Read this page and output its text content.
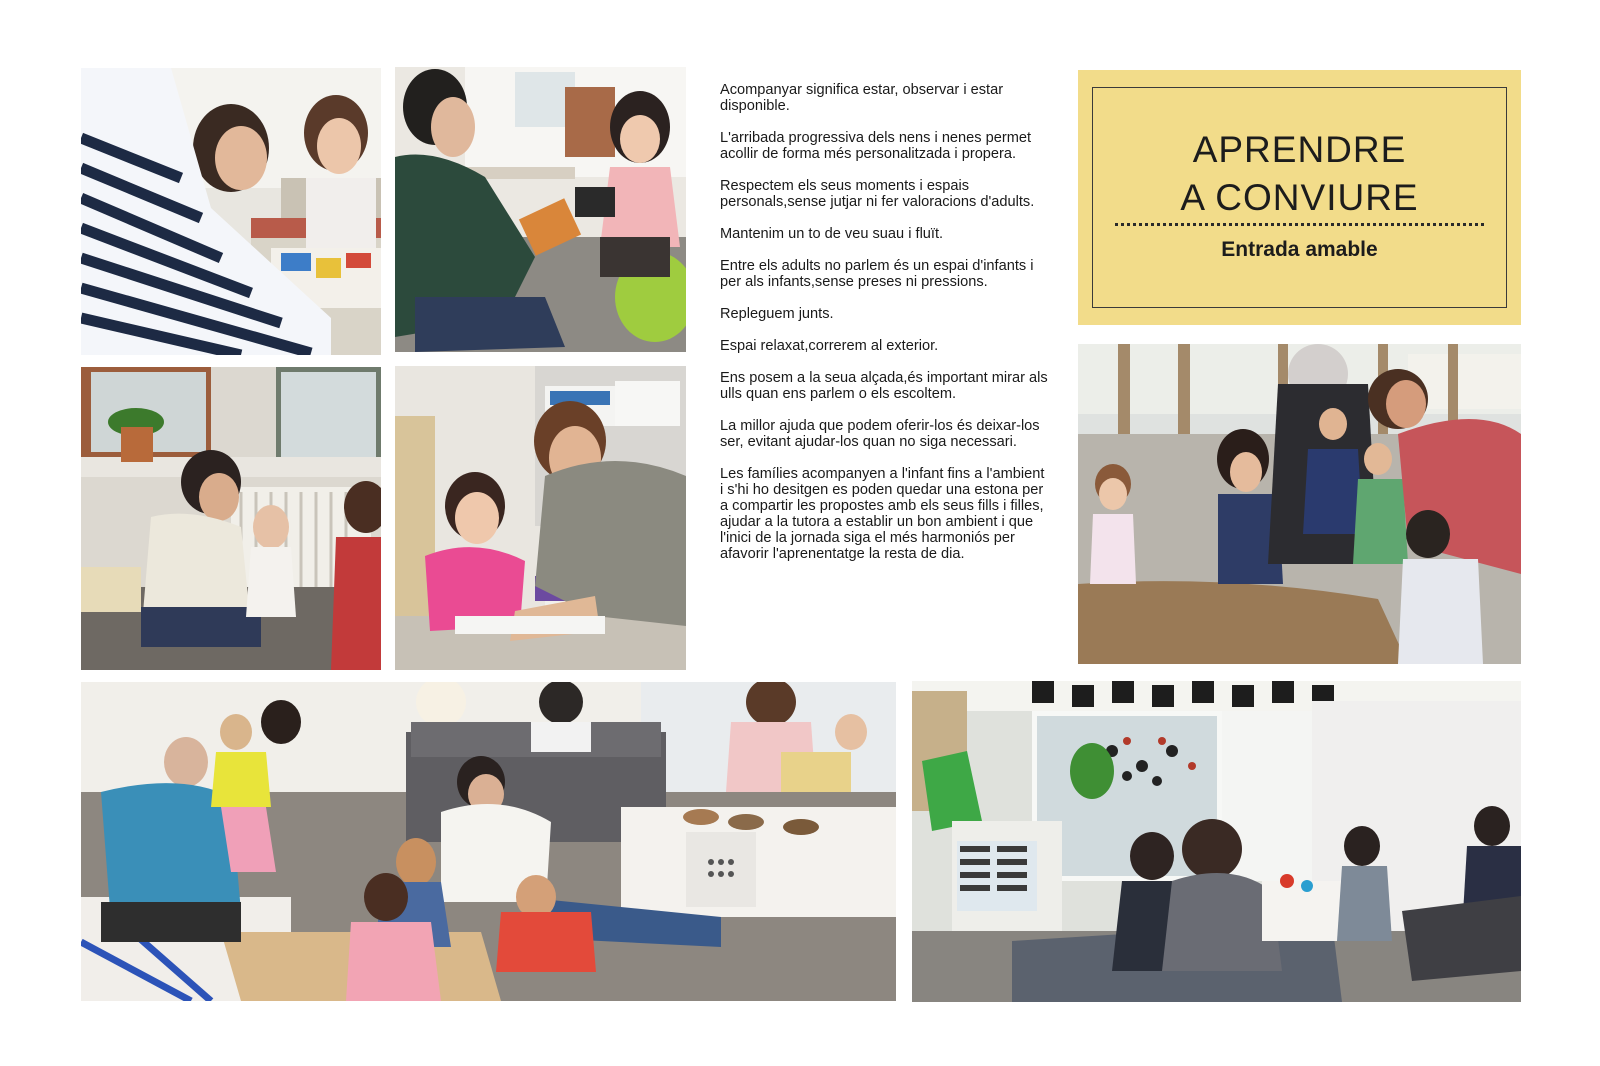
Acompanyar significa estar, observar i estar disponible.

L'arribada progressiva dels nens i nenes permet acollir de forma més personalitzada i propera.

Respectem els seus moments i espais personals,sense jutjar ni fer valoracions d'adults.

Mantenim un to de veu suau i fluït.

Entre els adults no parlem és un espai d'infants i per als infants,sense preses ni pressions.

Repleguem junts.

Espai relaxat,correrem al exterior.

Ens posem a la seua alçada,és important mirar als ulls quan ens parlem o els escoltem.

La millor ajuda que podem oferir-los és deixar-los ser, evitant ajudar-los quan no siga necessari.

Les famílies acompanyen a l'infant fins a l'ambient i s'hi ho desitgen es poden quedar una estona per a compartir les propostes amb els seus fills i filles, ajudar a la tutora a establir un bon ambient i que l'inici de la jornada siga el més harmoniós per afavorir l'aprenentatge la resta de dia.

APRENDRE
A CONVIURE
Entrada amable
